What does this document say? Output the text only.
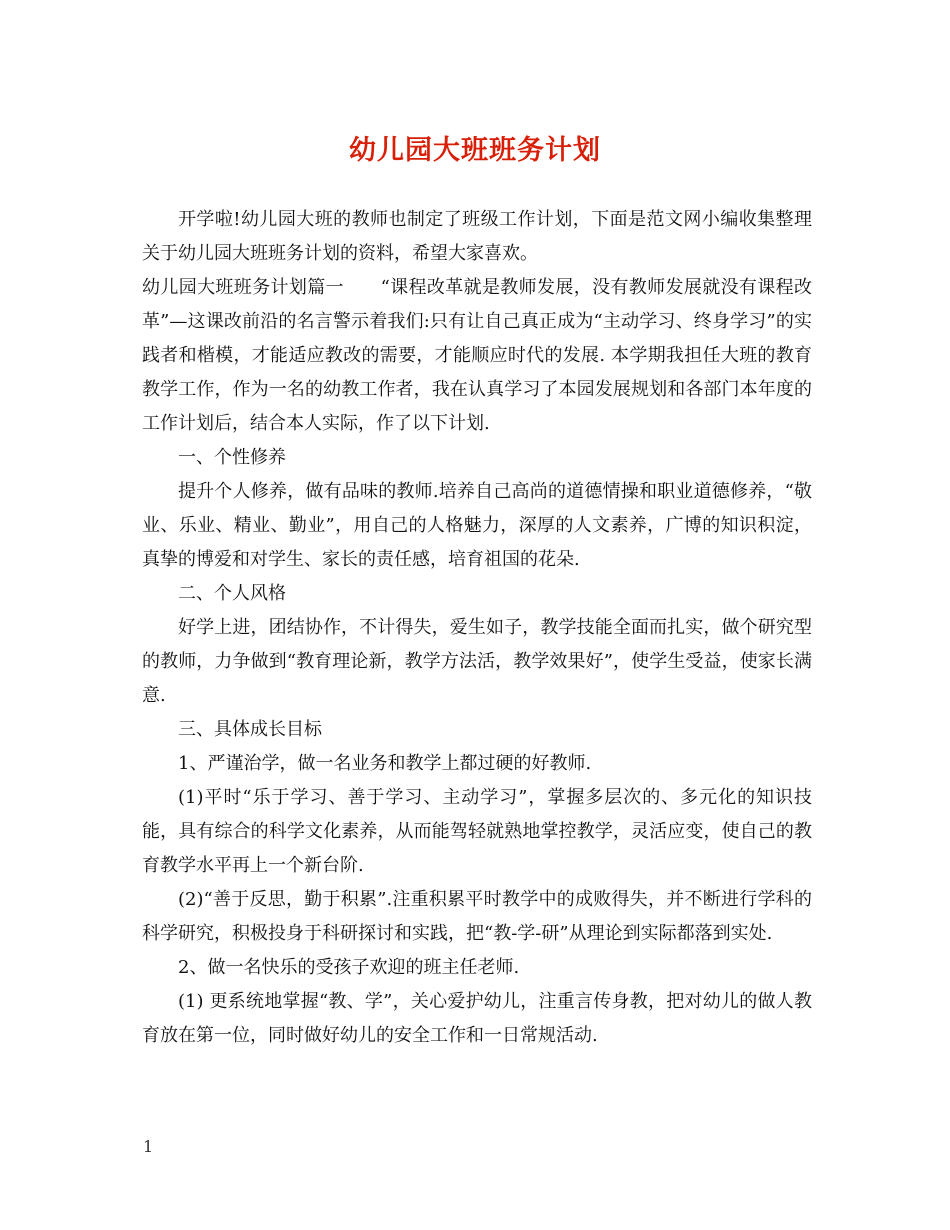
幼儿园大班班务计划

开学啦!幼儿园大班的教师也制定了班级工作计划，下面是范文网小编收集整理关于幼儿园大班班务计划的资料，希望大家喜欢。

幼儿园大班班务计划篇一　　“课程改革就是教师发展，没有教师发展就没有课程改革”—这课改前沿的名言警示着我们:只有让自己真正成为“主动学习、终身学习”的实践者和楷模，才能适应教改的需要，才能顺应时代的发展. 本学期我担任大班的教育教学工作，作为一名的幼教工作者，我在认真学习了本园发展规划和各部门本年度的工作计划后，结合本人实际，作了以下计划.

一、个性修养

提升个人修养，做有品味的教师.培养自己高尚的道德情操和职业道德修养，“敬业、乐业、精业、勤业”，用自己的人格魅力，深厚的人文素养，广博的知识积淀，真挚的博爱和对学生、家长的责任感，培育祖国的花朵.

二、个人风格

好学上进，团结协作，不计得失，爱生如子，教学技能全面而扎实，做个研究型的教师，力争做到“教育理论新，教学方法活，教学效果好”，使学生受益，使家长满意.

三、具体成长目标

1、严谨治学，做一名业务和教学上都过硬的好教师.

(1)平时“乐于学习、善于学习、主动学习”，掌握多层次的、多元化的知识技能，具有综合的科学文化素养，从而能驾轻就熟地掌控教学，灵活应变，使自己的教育教学水平再上一个新台阶.

(2)“善于反思，勤于积累”.注重积累平时教学中的成败得失，并不断进行学科的科学研究，积极投身于科研探讨和实践，把“教-学-研”从理论到实际都落到实处.

2、做一名快乐的受孩子欢迎的班主任老师.

(1) 更系统地掌握“教、学”，关心爱护幼儿，注重言传身教，把对幼儿的做人教育放在第一位，同时做好幼儿的安全工作和一日常规活动.

1
